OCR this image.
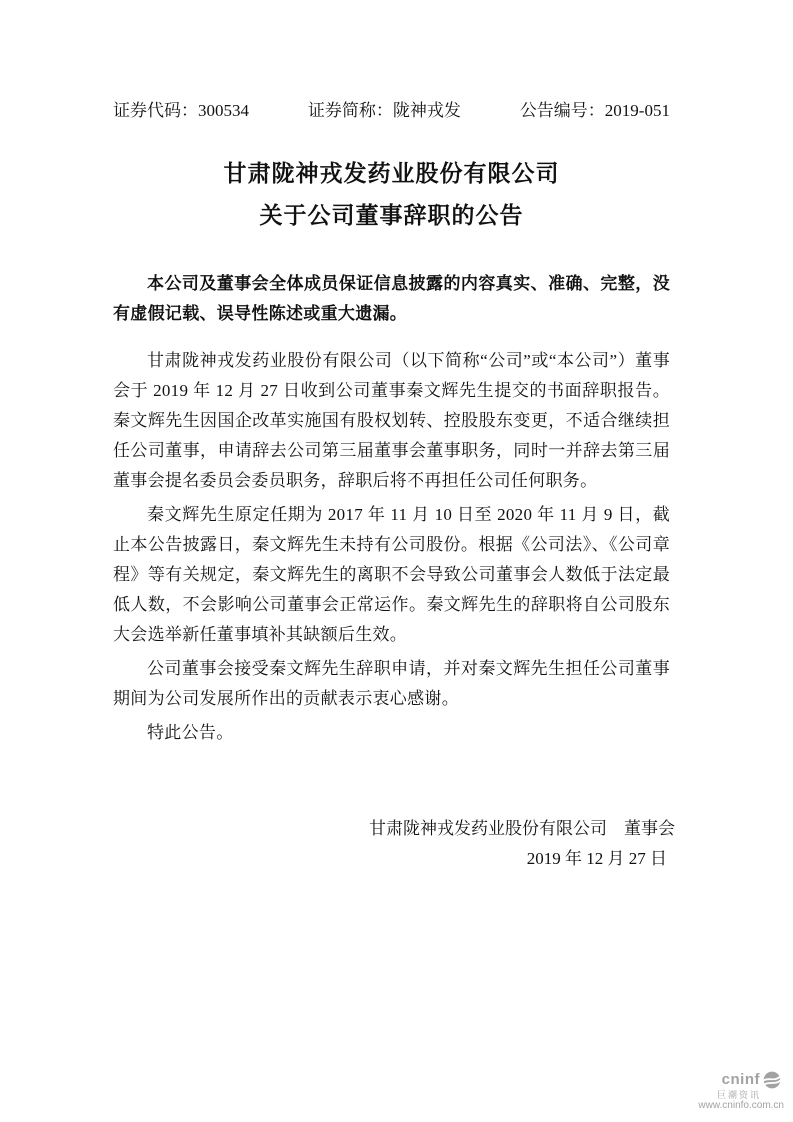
证券代码：300534	证券简称：陇神戎发	公告编号：2019-051
甘肃陇神戎发药业股份有限公司
关于公司董事辞职的公告

本公司及董事会全体成员保证信息披露的内容真实、准确、完整，没有虚假记载、误导性陈述或重大遗漏。

甘肃陇神戎发药业股份有限公司（以下简称“公司”或“本公司”）董事会于 2019 年 12 月 27 日收到公司董事秦文辉先生提交的书面辞职报告。秦文辉先生因国企改革实施国有股权划转、控股股东变更，不适合继续担任公司董事，申请辞去公司第三届董事会董事职务，同时一并辞去第三届董事会提名委员会委员职务，辞职后将不再担任公司任何职务。

秦文辉先生原定任期为 2017 年 11 月 10 日至 2020 年 11 月 9 日，截止本公告披露日，秦文辉先生未持有公司股份。根据《公司法》、《公司章程》等有关规定，秦文辉先生的离职不会导致公司董事会人数低于法定最低人数，不会影响公司董事会正常运作。秦文辉先生的辞职将自公司股东大会选举新任董事填补其缺额后生效。

公司董事会接受秦文辉先生辞职申请，并对秦文辉先生担任公司董事期间为公司发展所作出的贡献表示衷心感谢。

特此公告。

甘肃陇神戎发药业股份有限公司　董事会
2019 年 12 月 27 日
cninf
巨潮资讯
www.cninfo.com.cn
